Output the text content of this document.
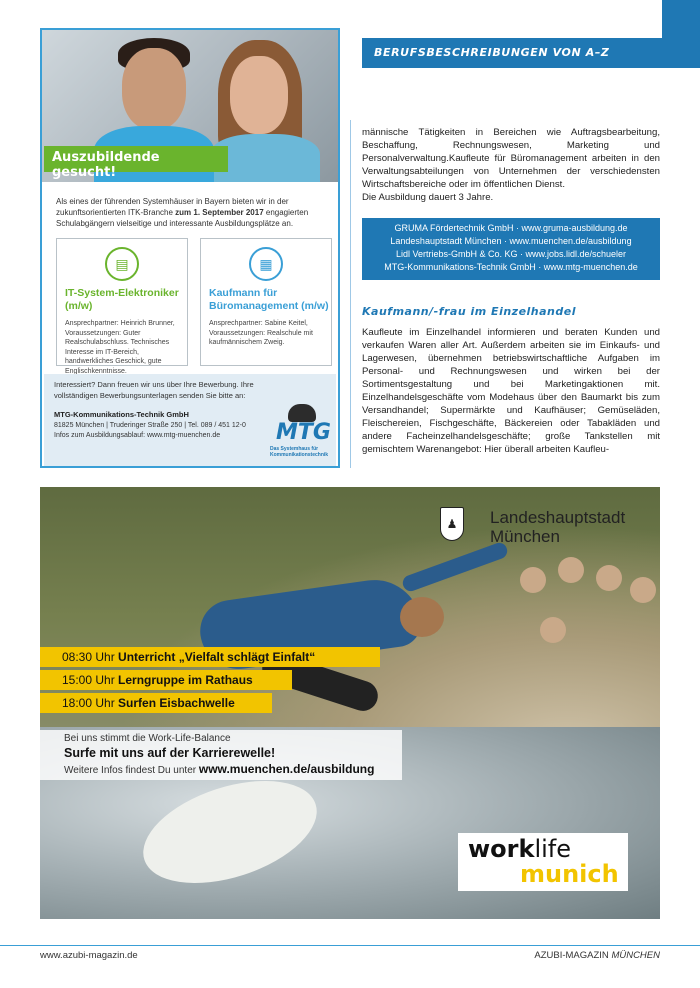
BERUFSBESCHREIBUNGEN VON A–Z
Auszubildende gesucht!
Als eines der führenden Systemhäuser in Bayern bieten wir in der zukunftsorientierten ITK-Branche zum 1. September 2017 engagierten Schulabgängern vielseitige und interessante Ausbildungsplätze an.
▤
IT-System-Elektroniker (m/w)
Ansprechpartner: Heinrich Brunner, Voraussetzungen: Guter Realschulabschluss. Technisches Interesse im IT-Bereich, handwerkliches Geschick, gute Englischkenntnisse.
▦
Kaufmann für Büromanagement (m/w)
Ansprechpartner: Sabine Keitel, Voraussetzungen: Realschule mit kaufmännischem Zweig.
Interessiert? Dann freuen wir uns über Ihre Bewerbung. Ihre vollständigen Bewerbungsunterlagen senden Sie bitte an:
MTG-Kommunikations-Technik GmbH
81825 München | Truderinger Straße 250 | Tel. 089 / 451 12-0
Infos zum Ausbildungsablauf: www.mtg-muenchen.de	MTG
Das Systemhaus für Kommunikationstechnik

männische Tätigkeiten in Bereichen wie Auftragsbearbeitung, Beschaffung, Rechnungswesen, Marketing und Personalverwaltung.Kaufleute für Büromanagement arbeiten in den Verwaltungsabteilungen von Unternehmen der verschiedensten Wirtschaftsbereiche oder im öffentlichen Dienst.

Die Ausbildung dauert 3 Jahre.

GRUMA Fördertechnik GmbH · www.gruma-ausbildung.de
Landeshauptstadt München · www.muenchen.de/ausbildung
Lidl Vertriebs-GmbH & Co. KG · www.jobs.lidl.de/schueler
MTG-Kommunikations-Technik GmbH · www.mtg-muenchen.de
Kaufmann/-frau im Einzelhandel
Kaufleute im Einzelhandel informieren und beraten Kunden und verkaufen Waren aller Art. Außerdem arbeiten sie im Einkaufs- und Lagerwesen, übernehmen betriebswirtschaftliche Aufgaben im Personal- und Rechnungswesen und wirken bei der Sortimentsgestaltung und bei Marketingaktionen mit. Einzelhandelsgeschäfte vom Modehaus über den Baumarkt bis zum Versandhandel; Supermärkte und Kaufhäuser; Gemüseläden, Fleischereien, Fischgeschäfte, Bäckereien oder Tabakläden und andere Facheinzelhandelsgeschäfte; große Tankstellen mit gemischtem Warenangebot: Hier überall arbeiten Kaufleu-
♟	Landeshauptstadt
München
08:30 Uhr Unterricht „Vielfalt schlägt Einfalt“
15:00 Uhr Lerngruppe im Rathaus
18:00 Uhr Surfen Eisbachwelle
Bei uns stimmt die Work-Life-Balance
Surfe mit uns auf der Karrierewelle!
Weitere Infos findest Du unter www.muenchen.de/ausbildung
worklife
munich
www.azubi-magazin.de	AZUBI-MAGAZIN MÜNCHEN
